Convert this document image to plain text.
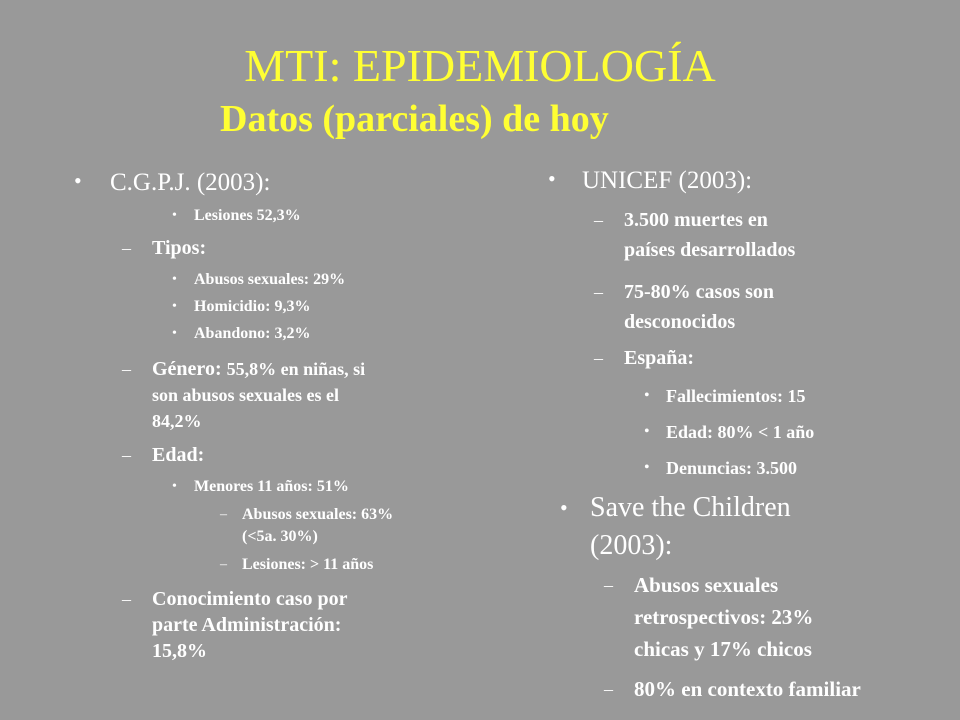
MTI: EPIDEMIOLOGÍA
Datos (parciales) de hoy
• C.G.P.J. (2003):
• Lesiones 52,3%
– Tipos:
• Abusos sexuales: 29%
• Homicidio: 9,3%
• Abandono: 3,2%
– Género: 55,8% en niñas, si
son abusos sexuales es el
84,2%
– Edad:
• Menores 11 años: 51%
– Abusos sexuales: 63%
(<5a. 30%)
– Lesiones: > 11 años
– Conocimiento caso por
parte Administración:
15,8%
• UNICEF (2003):
– 3.500 muertes en
países desarrollados
– 75-80% casos son
desconocidos
– España:
• Fallecimientos: 15
• Edad: 80% < 1 año
• Denuncias: 3.500
• Save the Children
(2003):
– Abusos sexuales
retrospectivos: 23%
chicas y 17% chicos
– 80% en contexto familiar
